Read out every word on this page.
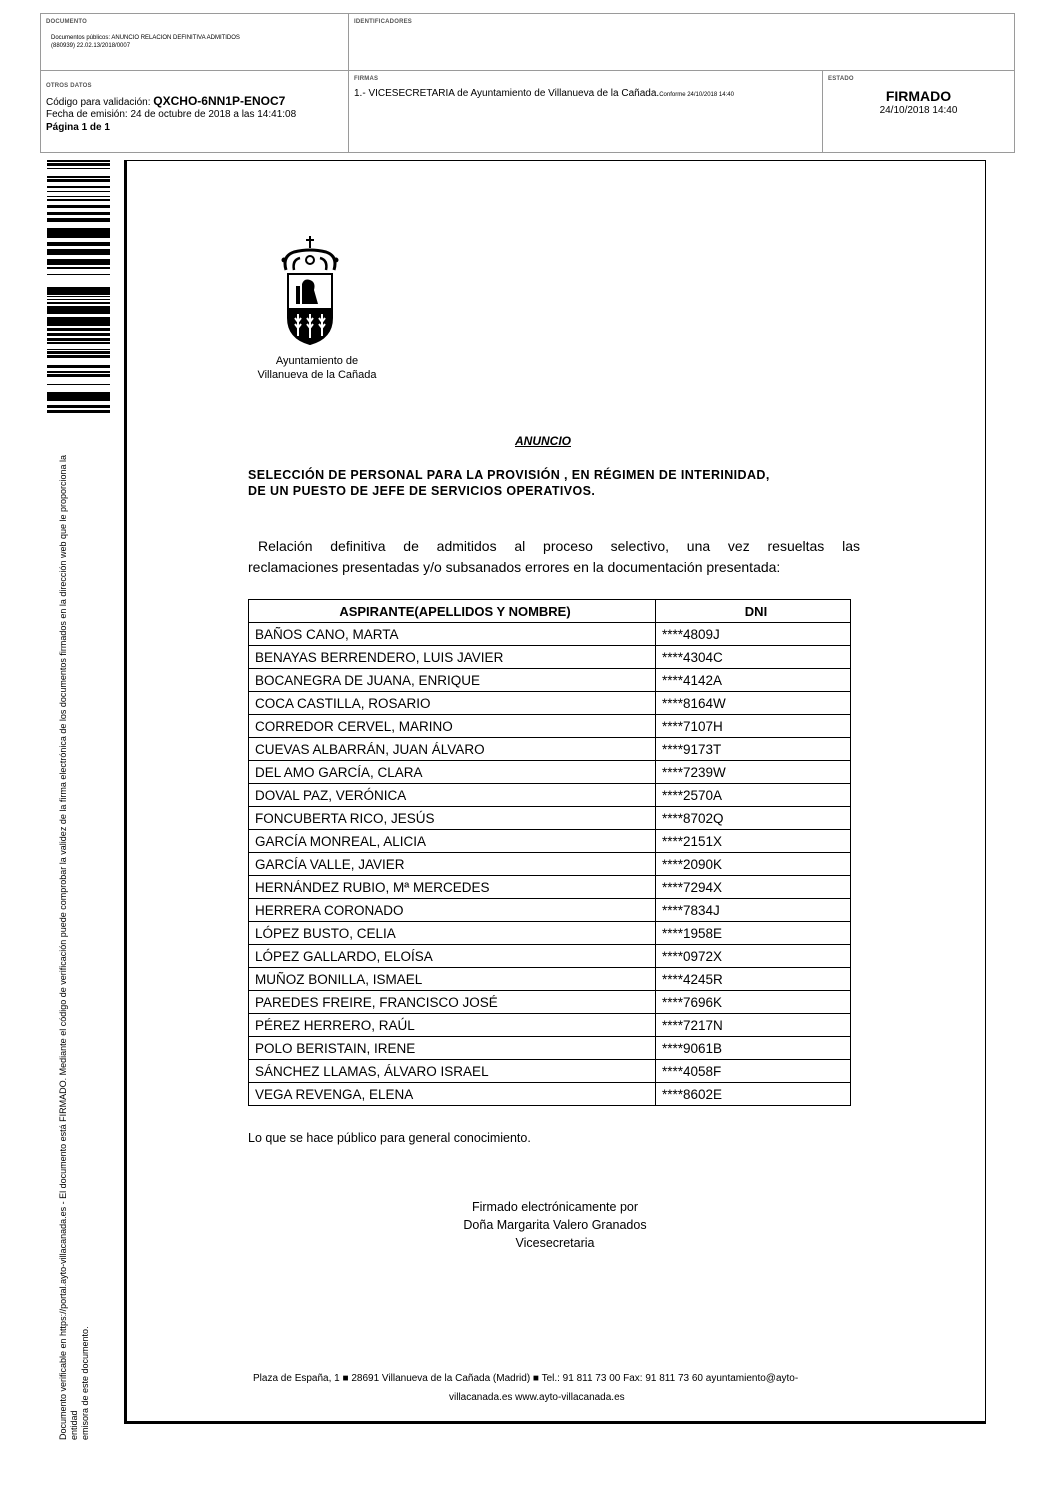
DOCUMENTO
Documentos públicos: ANUNCIO RELACION DEFINITIVA ADMITIDOS
(880939) 22.02.13/2018/0007
IDENTIFICADORES
OTROS DATOS
Código para validación: QXCHO-6NN1P-ENOC7
Fecha de emisión: 24 de octubre de 2018 a las 14:41:08
Página 1 de 1
FIRMAS
1.- VICESECRETARIA de Ayuntamiento de Villanueva de la Cañada.Conforme 24/10/2018 14:40
ESTADO
FIRMADO
24/10/2018 14:40
Documento verificable en https://portal.ayto-villacanada.es - El documento está FIRMADO. Mediante el código de verificación puede comprobar la validez de la firma electrónica de los documentos firmados en la dirección web que le proporciona la entidad emisora de este documento.
Ayuntamiento de
Villanueva de la Cañada
ANUNCIO
SELECCIÓN DE PERSONAL PARA LA PROVISIÓN , EN RÉGIMEN DE INTERINIDAD,
DE UN PUESTO DE JEFE DE SERVICIOS OPERATIVOS.
Relación definitiva de admitidos al proceso selectivo, una vez resueltas las
reclamaciones presentadas y/o subsanados errores en la documentación presentada:
ASPIRANTE(APELLIDOS Y NOMBRE)	DNI
BAÑOS CANO, MARTA	****4809J
BENAYAS BERRENDERO, LUIS JAVIER	****4304C
BOCANEGRA DE JUANA, ENRIQUE	****4142A
COCA CASTILLA, ROSARIO	****8164W
CORREDOR CERVEL, MARINO	****7107H
CUEVAS ALBARRÁN, JUAN ÁLVARO	****9173T
DEL AMO GARCÍA, CLARA	****7239W
DOVAL PAZ, VERÓNICA	****2570A
FONCUBERTA RICO, JESÚS	****8702Q
GARCÍA MONREAL, ALICIA	****2151X
GARCÍA VALLE, JAVIER	****2090K
HERNÁNDEZ RUBIO, Mª MERCEDES	****7294X
HERRERA CORONADO	****7834J
LÓPEZ BUSTO, CELIA	****1958E
LÓPEZ GALLARDO, ELOÍSA	****0972X
MUÑOZ BONILLA, ISMAEL	****4245R
PAREDES FREIRE, FRANCISCO JOSÉ	****7696K
PÉREZ HERRERO, RAÚL	****7217N
POLO BERISTAIN, IRENE	****9061B
SÁNCHEZ LLAMAS, ÁLVARO ISRAEL	****4058F
VEGA REVENGA, ELENA	****8602E
Lo que se hace público para general conocimiento.
Firmado electrónicamente por
Doña Margarita Valero Granados
Vicesecretaria
Plaza de España, 1 ■ 28691 Villanueva de la Cañada (Madrid) ■ Tel.: 91 811 73 00 Fax: 91 811 73 60 ayuntamiento@ayto-
villacanada.es www.ayto-villacanada.es
